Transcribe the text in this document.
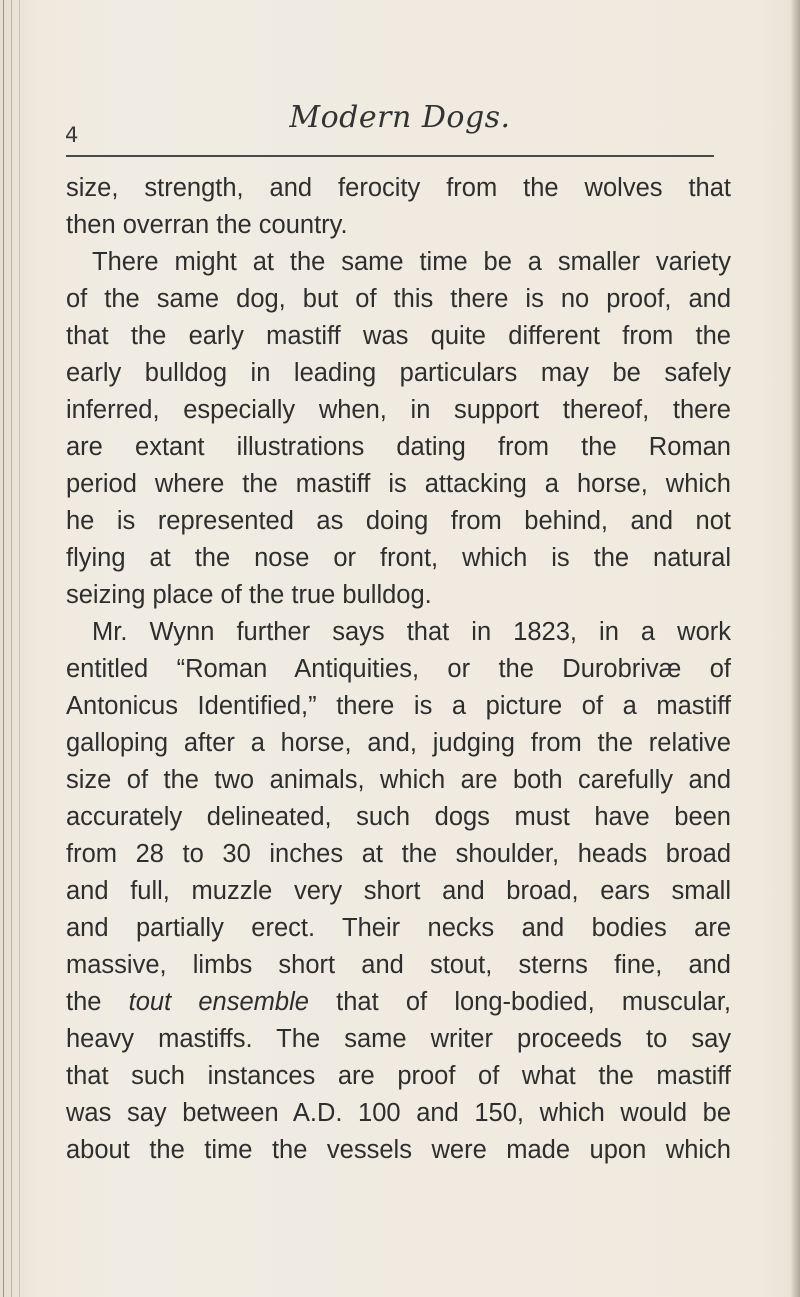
4	Modern Dogs.
size, strength, and ferocity from the wolves that
then overran the country.
There might at the same time be a smaller variety
of the same dog, but of this there is no proof, and
that the early mastiff was quite different from the
early bulldog in leading particulars may be safely
inferred, especially when, in support thereof, there
are extant illustrations dating from the Roman
period where the mastiff is attacking a horse, which
he is represented as doing from behind, and not
flying at the nose or front, which is the natural
seizing place of the true bulldog.
Mr. Wynn further says that in 1823, in a work
entitled “Roman Antiquities, or the Durobrivæ of
Antonicus Identified,” there is a picture of a mastiff
galloping after a horse, and, judging from the relative
size of the two animals, which are both carefully and
accurately delineated, such dogs must have been
from 28 to 30 inches at the shoulder, heads broad
and full, muzzle very short and broad, ears small
and partially erect. Their necks and bodies are
massive, limbs short and stout, sterns fine, and
the tout ensemble that of long-bodied, muscular,
heavy mastiffs. The same writer proceeds to say
that such instances are proof of what the mastiff
was say between A.D. 100 and 150, which would be
about the time the vessels were made upon which
